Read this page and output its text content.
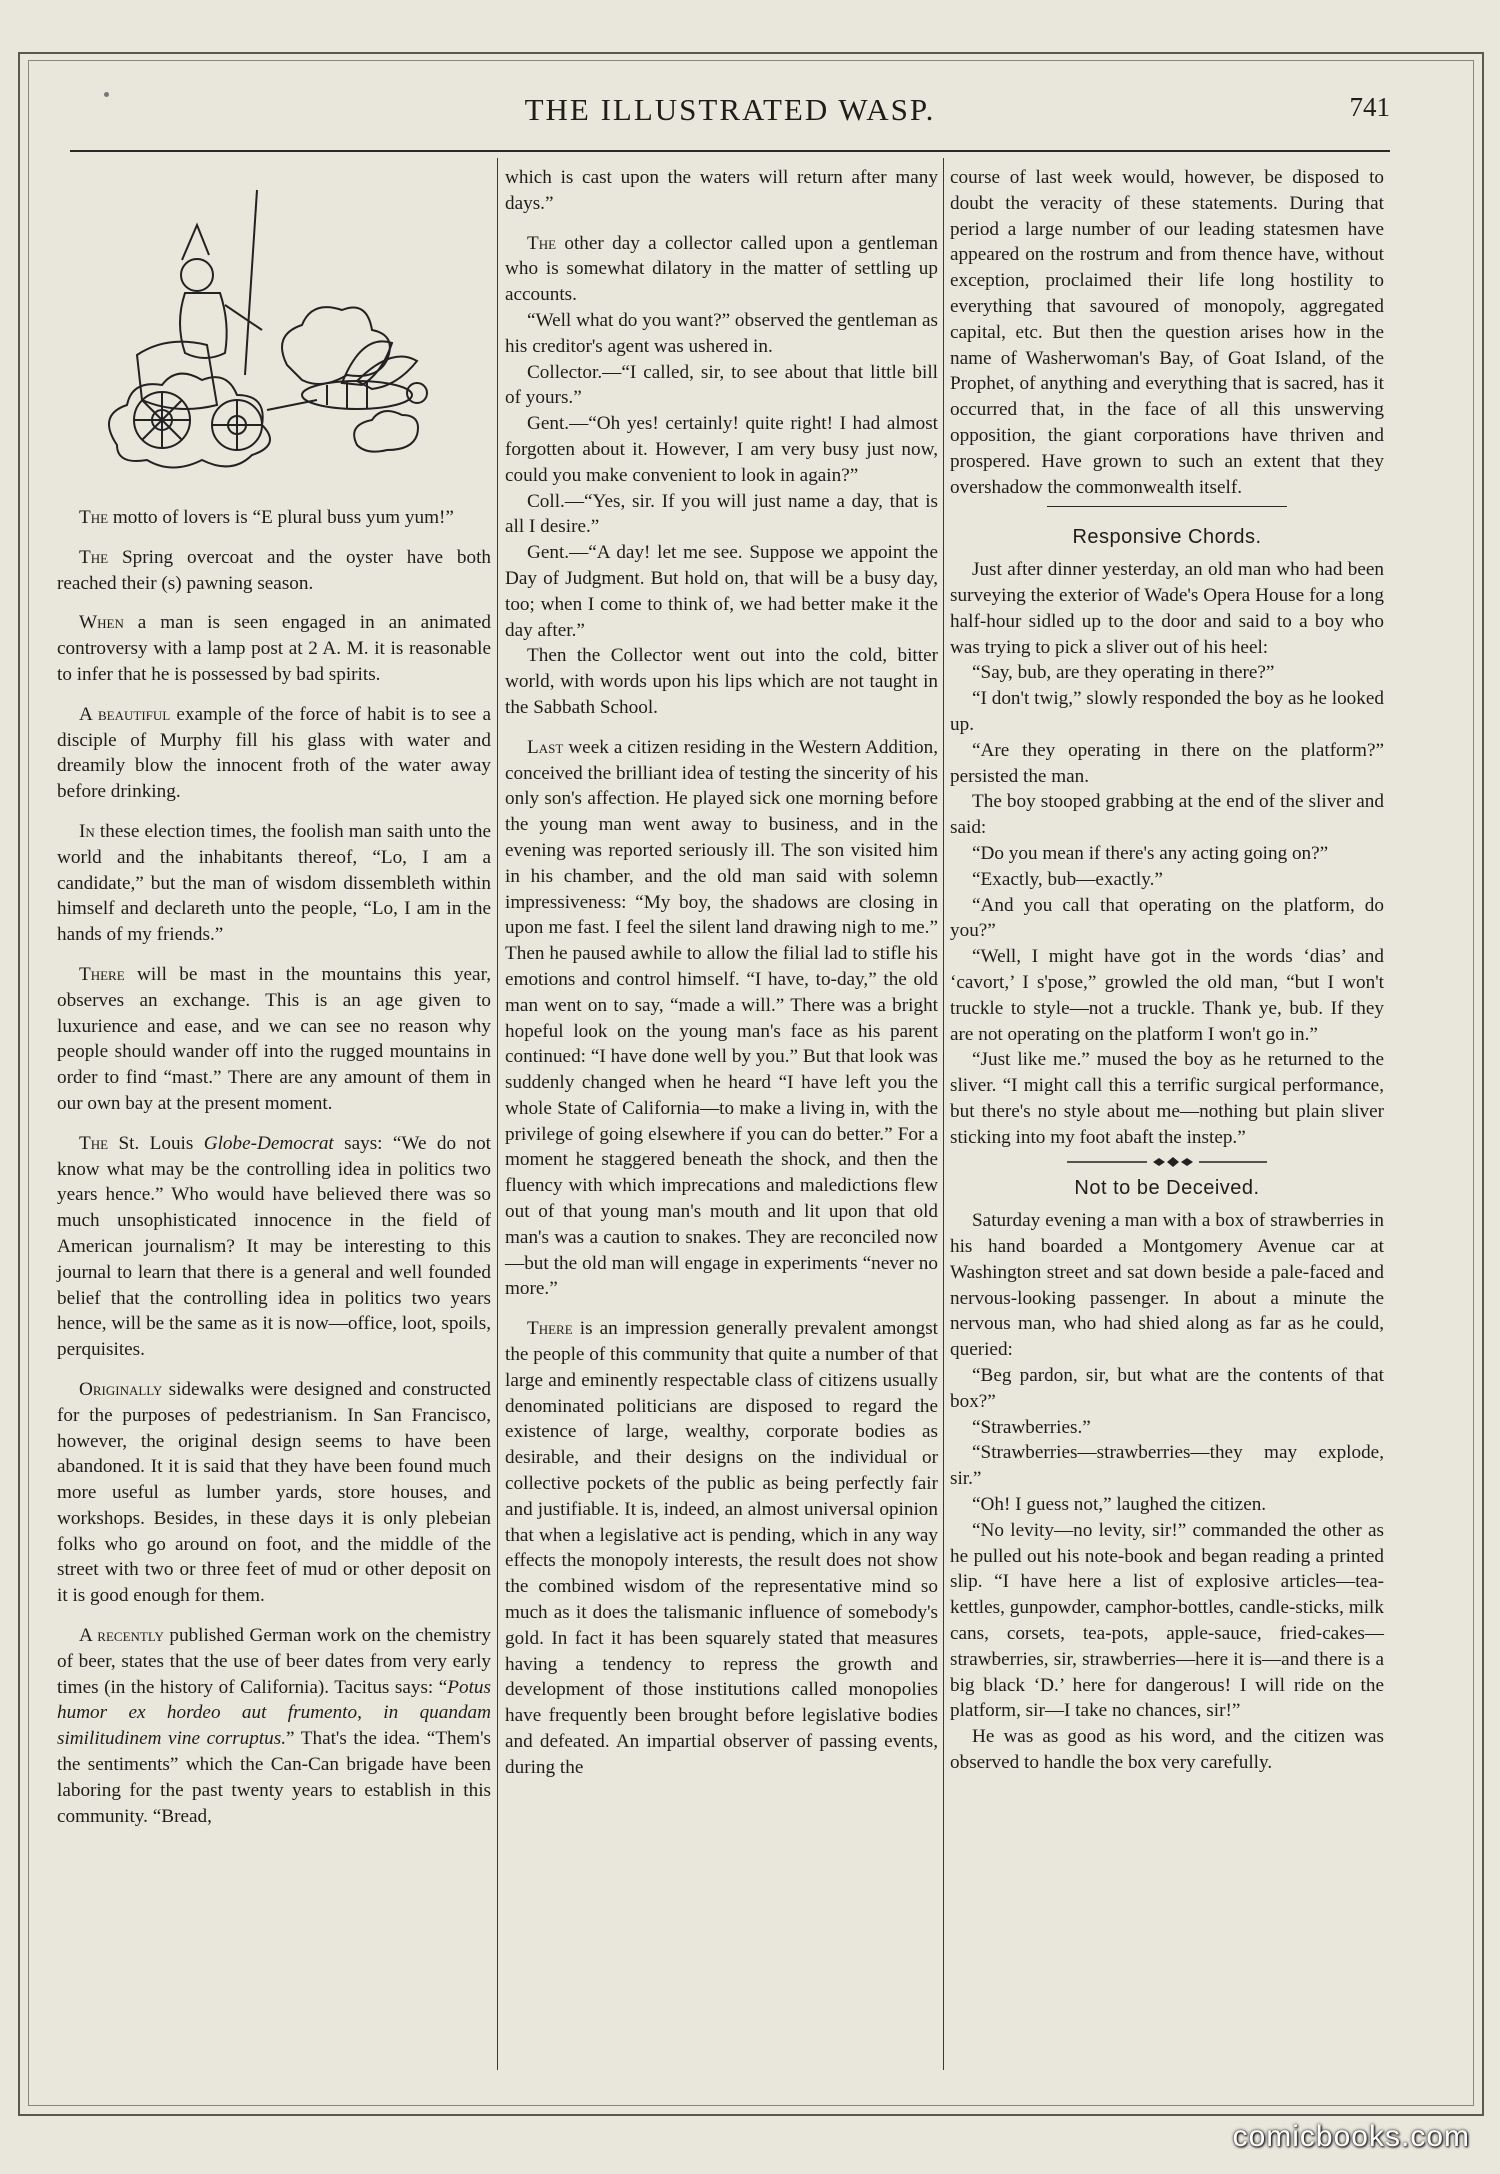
THE ILLUSTRATED WASP.	741

The motto of lovers is “E plural buss yum yum!”

The Spring overcoat and the oyster have both reached their (s) pawning season.

When a man is seen engaged in an animated controversy with a lamp post at 2 A. M. it is reasonable to infer that he is possessed by bad spirits.

A beautiful example of the force of habit is to see a disciple of Murphy fill his glass with water and dreamily blow the innocent froth of the water away before drinking.

In these election times, the foolish man saith unto the world and the inhabitants thereof, “Lo, I am a candidate,” but the man of wisdom dissembleth within himself and declareth unto the people, “Lo, I am in the hands of my friends.”

There will be mast in the mountains this year, observes an exchange. This is an age given to luxurience and ease, and we can see no reason why people should wander off into the rugged mountains in order to find “mast.” There are any amount of them in our own bay at the present moment.

The St. Louis Globe-Democrat says: “We do not know what may be the controlling idea in politics two years hence.” Who would have believed there was so much unsophisticated innocence in the field of American journalism? It may be interesting to this journal to learn that there is a general and well founded belief that the controlling idea in politics two years hence, will be the same as it is now—office, loot, spoils, perquisites.

Originally sidewalks were designed and constructed for the purposes of pedestrianism. In San Francisco, however, the original design seems to have been abandoned. It it is said that they have been found much more useful as lumber yards, store houses, and workshops. Besides, in these days it is only plebeian folks who go around on foot, and the middle of the street with two or three feet of mud or other deposit on it is good enough for them.

A recently published German work on the chemistry of beer, states that the use of beer dates from very early times (in the history of California). Tacitus says: “Potus humor ex hordeo aut frumento, in quandam similitudinem vine corruptus.” That's the idea. “Them's the sentiments” which the Can-Can brigade have been laboring for the past twenty years to establish in this community. “Bread,

which is cast upon the waters will return after many days.”

The other day a collector called upon a gentleman who is somewhat dilatory in the matter of settling up accounts.

“Well what do you want?” observed the gentleman as his creditor's agent was ushered in.

Collector.—“I called, sir, to see about that little bill of yours.”

Gent.—“Oh yes! certainly! quite right! I had almost forgotten about it. However, I am very busy just now, could you make convenient to look in again?”

Coll.—“Yes, sir. If you will just name a day, that is all I desire.”

Gent.—“A day! let me see. Suppose we appoint the Day of Judgment. But hold on, that will be a busy day, too; when I come to think of, we had better make it the day after.”

Then the Collector went out into the cold, bitter world, with words upon his lips which are not taught in the Sabbath School.

Last week a citizen residing in the Western Addition, conceived the brilliant idea of testing the sincerity of his only son's affection. He played sick one morning before the young man went away to business, and in the evening was reported seriously ill. The son visited him in his chamber, and the old man said with solemn impressiveness: “My boy, the shadows are closing in upon me fast. I feel the silent land drawing nigh to me.” Then he paused awhile to allow the filial lad to stifle his emotions and control himself. “I have, to-day,” the old man went on to say, “made a will.” There was a bright hopeful look on the young man's face as his parent continued: “I have done well by you.” But that look was suddenly changed when he heard “I have left you the whole State of California—to make a living in, with the privilege of going elsewhere if you can do better.” For a moment he staggered beneath the shock, and then the fluency with which imprecations and maledictions flew out of that young man's mouth and lit upon that old man's was a caution to snakes. They are reconciled now—but the old man will engage in experiments “never no more.”

There is an impression generally prevalent amongst the people of this community that quite a number of that large and eminently respectable class of citizens usually denominated politicians are disposed to regard the existence of large, wealthy, corporate bodies as desirable, and their designs on the individual or collective pockets of the public as being perfectly fair and justifiable. It is, indeed, an almost universal opinion that when a legislative act is pending, which in any way effects the monopoly interests, the result does not show the combined wisdom of the representative mind so much as it does the talismanic influence of somebody's gold. In fact it has been squarely stated that measures having a tendency to repress the growth and development of those institutions called monopolies have frequently been brought before legislative bodies and defeated. An impartial observer of passing events, during the

course of last week would, however, be disposed to doubt the veracity of these statements. During that period a large number of our leading statesmen have appeared on the rostrum and from thence have, without exception, proclaimed their life long hostility to everything that savoured of monopoly, aggregated capital, etc. But then the question arises how in the name of Washerwoman's Bay, of Goat Island, of the Prophet, of anything and everything that is sacred, has it occurred that, in the face of all this unswerving opposition, the giant corporations have thriven and prospered. Have grown to such an extent that they overshadow the commonwealth itself.

Responsive Chords.

Just after dinner yesterday, an old man who had been surveying the exterior of Wade's Opera House for a long half-hour sidled up to the door and said to a boy who was trying to pick a sliver out of his heel:

“Say, bub, are they operating in there?”

“I don't twig,” slowly responded the boy as he looked up.

“Are they operating in there on the platform?” persisted the man.

The boy stooped grabbing at the end of the sliver and said:

“Do you mean if there's any acting going on?”

“Exactly, bub—exactly.”

“And you call that operating on the platform, do you?”

“Well, I might have got in the words ‘dias’ and ‘cavort,’ I s'pose,” growled the old man, “but I won't truckle to style—not a truckle. Thank ye, bub. If they are not operating on the platform I won't go in.”

“Just like me.” mused the boy as he returned to the sliver. “I might call this a terrific surgical performance, but there's no style about me—nothing but plain sliver sticking into my foot abaft the instep.”

Not to be Deceived.

Saturday evening a man with a box of strawberries in his hand boarded a Montgomery Avenue car at Washington street and sat down beside a pale-faced and nervous-looking passenger. In about a minute the nervous man, who had shied along as far as he could, queried:

“Beg pardon, sir, but what are the contents of that box?”

“Strawberries.”

“Strawberries—strawberries—they may explode, sir.”

“Oh! I guess not,” laughed the citizen.

“No levity—no levity, sir!” commanded the other as he pulled out his note-book and began reading a printed slip. “I have here a list of explosive articles—tea-kettles, gunpowder, camphor-bottles, candle-sticks, milk cans, corsets, tea-pots, apple-sauce, fried-cakes—strawberries, sir, strawberries—here it is—and there is a big black ‘D.’ here for dangerous! I will ride on the platform, sir—I take no chances, sir!”

He was as good as his word, and the citizen was observed to handle the box very carefully.

comicbooks.com
